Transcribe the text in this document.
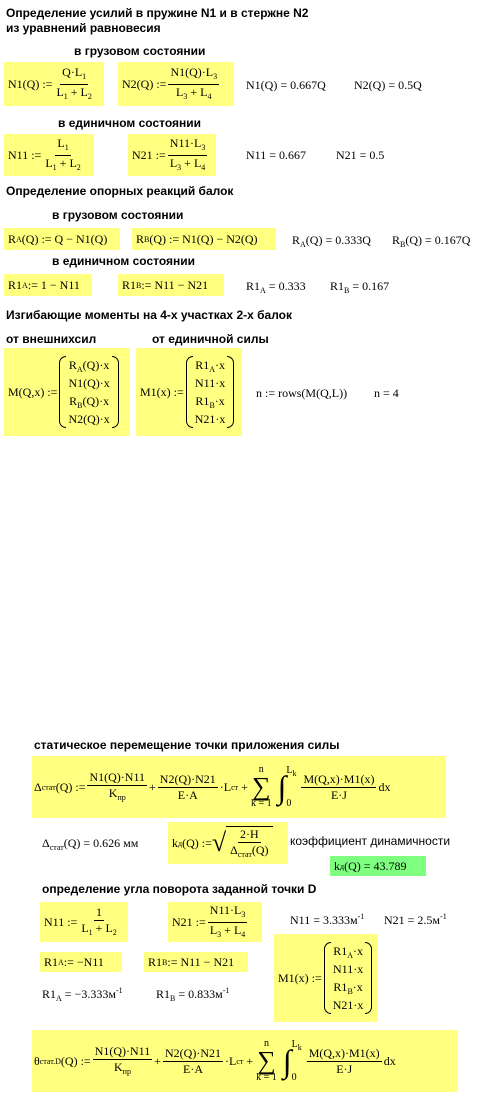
Определение усилий в пружине N1 и в стержне N2
из уравнений равновесия
в грузовом состоянии
N1(Q) := $\frac{Q\cdot L_1}{L_1 + L_2} N2(Q)$ := $\frac{N1(Q)\cdot L_3}{L_3 + L_4} N1(Q) = 0.667Q$ N2(Q) = 0.5Q
в единичном состоянии
N11 := $\frac{L_1}{L_1 + L_2}$	N21 := $\frac{N11\cdot L_3}{L_3 + L_4}$	N11 = 0.667	N21 = 0.5
Определение опорных реакций балок
в грузовом состоянии
R A (Q) := Q − N1(Q) R B (Q) := N1(Q) − N2(Q)	$R_A(Q) = 0.333Q$ $R_B(Q) = 0.167Q$
в единичном состоянии
R1 A := 1 − N11	R1 B := N11 − N21	$R1_A = 0.333$ $R1_B = 0.167$
Изгибающие моменты на 4-х участках 2-х балок
от внешнихсил	от единичной силы
M(Q,x) :=
$R_A(Q)\cdot x$
N1(Q)·x
$R_B(Q)\cdot x$
N2(Q)·x
M1(x) :=
$R1_A\cdot x$
N11·x
$R1_B\cdot x$
N21·x
n := rows(M(Q,L)) n = 4
статическое перемещение точки приложения силы
Δ стат (Q) := $\frac{N1(Q)\cdot N11}{K_{пр}} + \frac{N2(Q)\cdot N21}{E\cdot A} \cdot L$ ст +
n
∑
k = 1 ∫ $L_k$
0
$\frac{M(Q,x)\cdot M1(x)}{E\cdot J}$ dx
$\Delta_{стат}(Q) = 0.626$ мм	k д (Q) := √ $\frac{2\cdot H}{\Delta_{стат}(Q)}$ коэффициент динамичности
k д (Q) = 43.789
определение угла поворота заданной точки D
N11 := $\frac{1}{L_1 + L_2}$	N21 := $\frac{N11\cdot L_3}{L_3 + L_4}$	$N11 = 3.333м^{-1}$ $N21 = 2.5м^{-1}$
R1 A := −N11	R1 B := N11 − N21
$R1_A = -3.333м^{-1}$	$R1_B = 0.833м^{-1}$
M1(x) :=
$R1_A\cdot x$
N11·x
$R1_B\cdot x$
N21·x
θ стат.D (Q) := $\frac{N1(Q)\cdot N11}{K_{пр}} + \frac{N2(Q)\cdot N21}{E\cdot A} \cdot L$ ст +
n
∑
k = 1 ∫ $L_k$
0
$\frac{M(Q,x)\cdot M1(x)}{E\cdot J}$ dx
